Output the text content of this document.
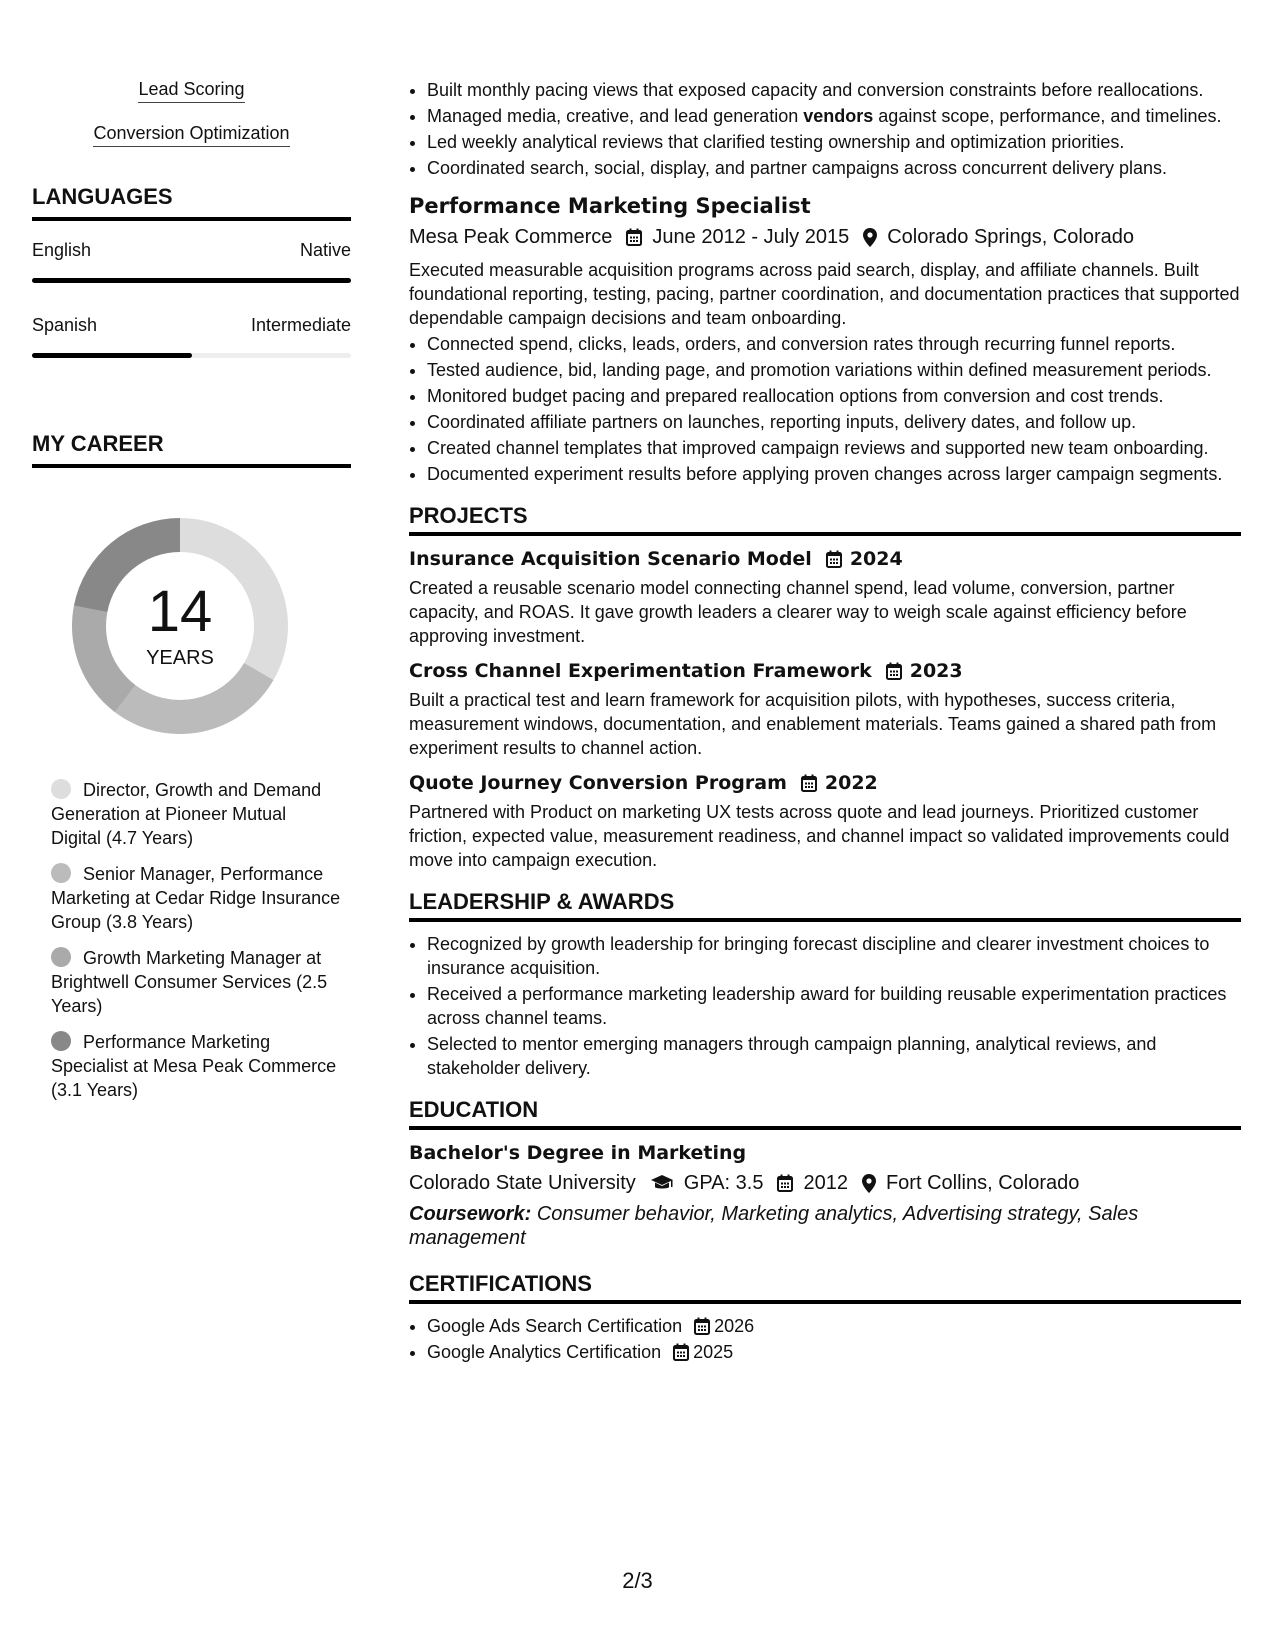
Lead Scoring
Conversion Optimization
LANGUAGES
English	Native
Spanish	Intermediate
MY CAREER
14
YEARS
Director, Growth and Demand Generation at Pioneer Mutual Digital (4.7 Years)
Senior Manager, Performance Marketing at Cedar Ridge Insurance Group (3.8 Years)
Growth Marketing Manager at Brightwell Consumer Services (2.5 Years)
Performance Marketing Specialist at Mesa Peak Commerce (3.1 Years)
• Built monthly pacing views that exposed capacity and conversion constraints before reallocations.
• Managed media, creative, and lead generation vendors against scope, performance, and timelines.
• Led weekly analytical reviews that clarified testing ownership and optimization priorities.
• Coordinated search, social, display, and partner campaigns across concurrent delivery plans.
Performance Marketing Specialist
Mesa Peak Commerce June 2012 - July 2015 Colorado Springs, Colorado
Executed measurable acquisition programs across paid search, display, and affiliate channels. Built foundational reporting, testing, pacing, partner coordination, and documentation practices that supported dependable campaign decisions and team onboarding.
• Connected spend, clicks, leads, orders, and conversion rates through recurring funnel reports.
• Tested audience, bid, landing page, and promotion variations within defined measurement periods.
• Monitored budget pacing and prepared reallocation options from conversion and cost trends.
• Coordinated affiliate partners on launches, reporting inputs, delivery dates, and follow up.
• Created channel templates that improved campaign reviews and supported new team onboarding.
• Documented experiment results before applying proven changes across larger campaign segments.
PROJECTS
Insurance Acquisition Scenario Model 2024
Created a reusable scenario model connecting channel spend, lead volume, conversion, partner capacity, and ROAS. It gave growth leaders a clearer way to weigh scale against efficiency before approving investment.
Cross Channel Experimentation Framework 2023
Built a practical test and learn framework for acquisition pilots, with hypotheses, success criteria, measurement windows, documentation, and enablement materials. Teams gained a shared path from experiment results to channel action.
Quote Journey Conversion Program 2022
Partnered with Product on marketing UX tests across quote and lead journeys. Prioritized customer friction, expected value, measurement readiness, and channel impact so validated improvements could move into campaign execution.
LEADERSHIP & AWARDS
• Recognized by growth leadership for bringing forecast discipline and clearer investment choices to insurance acquisition.
• Received a performance marketing leadership award for building reusable experimentation practices across channel teams.
• Selected to mentor emerging managers through campaign planning, analytical reviews, and stakeholder delivery.
EDUCATION
Bachelor's Degree in Marketing
Colorado State University GPA: 3.5 2012 Fort Collins, Colorado
Coursework: Consumer behavior, Marketing analytics, Advertising strategy, Sales management
CERTIFICATIONS
• Google Ads Search Certification 2026
• Google Analytics Certification 2025
2/3
